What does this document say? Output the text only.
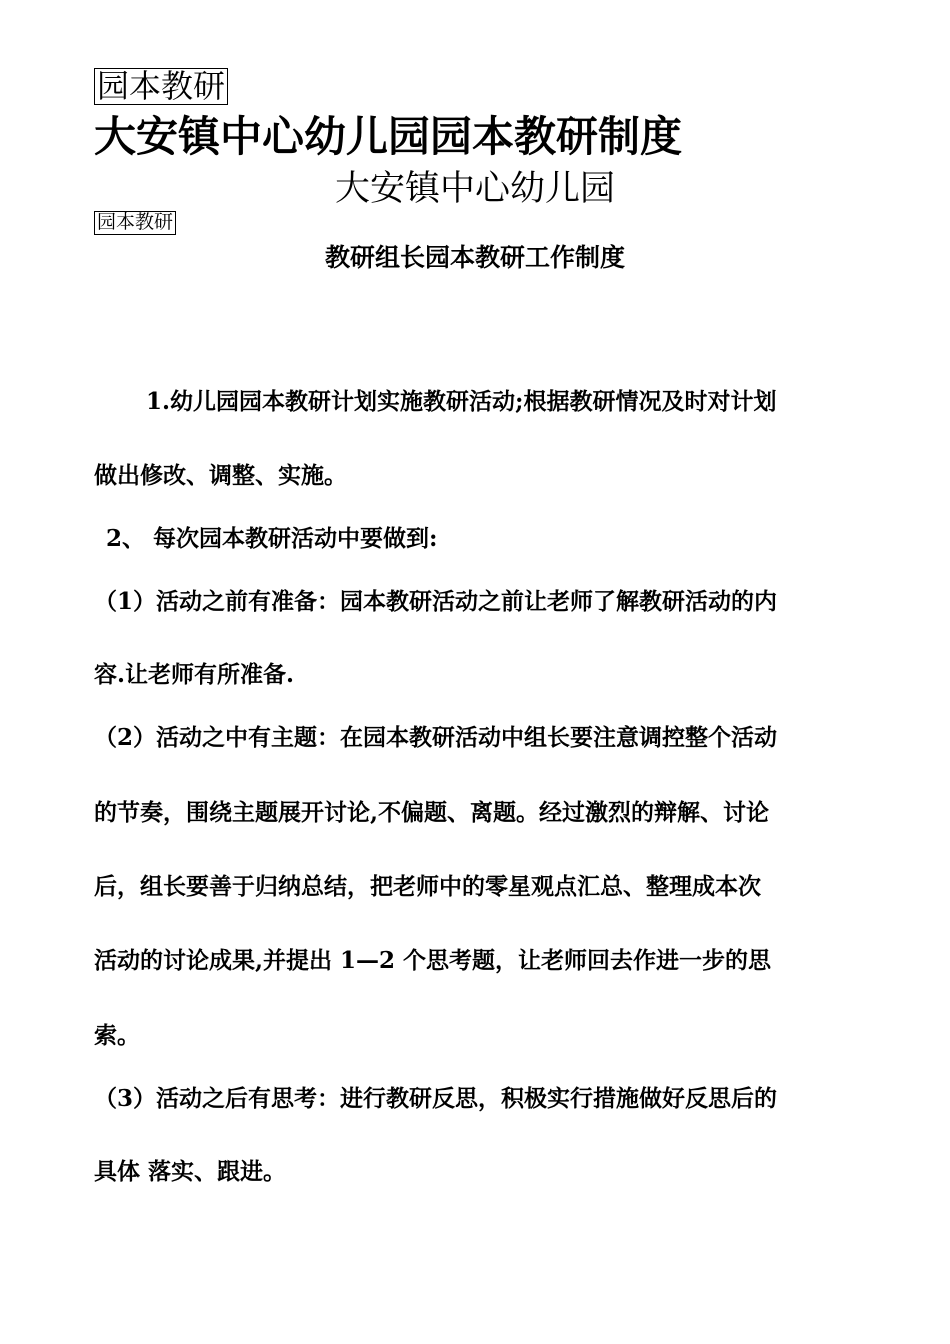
园本教研
大安镇中心幼儿园园本教研制度
大安镇中心幼儿园
园本教研
教研组长园本教研工作制度
1.幼儿园园本教研计划实施教研活动;根据教研情况及时对计划
做出修改、调整、实施。
2、 每次园本教研活动中要做到:
（1）活动之前有准备：园本教研活动之前让老师了解教研活动的内
容.让老师有所准备.
（2）活动之中有主题：在园本教研活动中组长要注意调控整个活动
的节奏，围绕主题展开讨论,不偏题、离题。经过激烈的辩解、讨论
后，组长要善于归纳总结，把老师中的零星观点汇总、整理成本次
活动的讨论成果,并提出 1—2 个思考题，让老师回去作进一步的思
索。
（3）活动之后有思考：进行教研反思，积极实行措施做好反思后的
具体 落实、跟进。
